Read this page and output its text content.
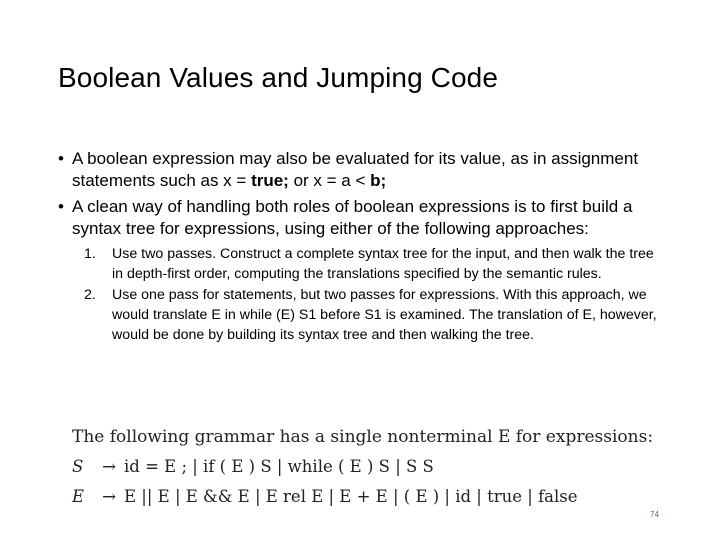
Boolean Values and Jumping Code
• A boolean expression may also be evaluated for its value, as in assignment statements such as x = true; or x = a < b;
• A clean way of handling both roles of boolean expressions is to first build a syntax tree for expressions, using either of the following approaches:
1. Use two passes. Construct a complete syntax tree for the input, and then walk the tree in depth-first order, computing the translations specified by the semantic rules.
2. Use one pass for statements, but two passes for expressions. With this approach, we would translate E in while (E) S1 before S1 is examined. The translation of E, however, would be done by building its syntax tree and then walking the tree.
The following grammar has a single nonterminal E for expressions:
S → id = E ; | if ( E ) S | while ( E ) S | S S
E → E || E | E && E | E rel E | E + E | ( E ) | id | true | false
74
